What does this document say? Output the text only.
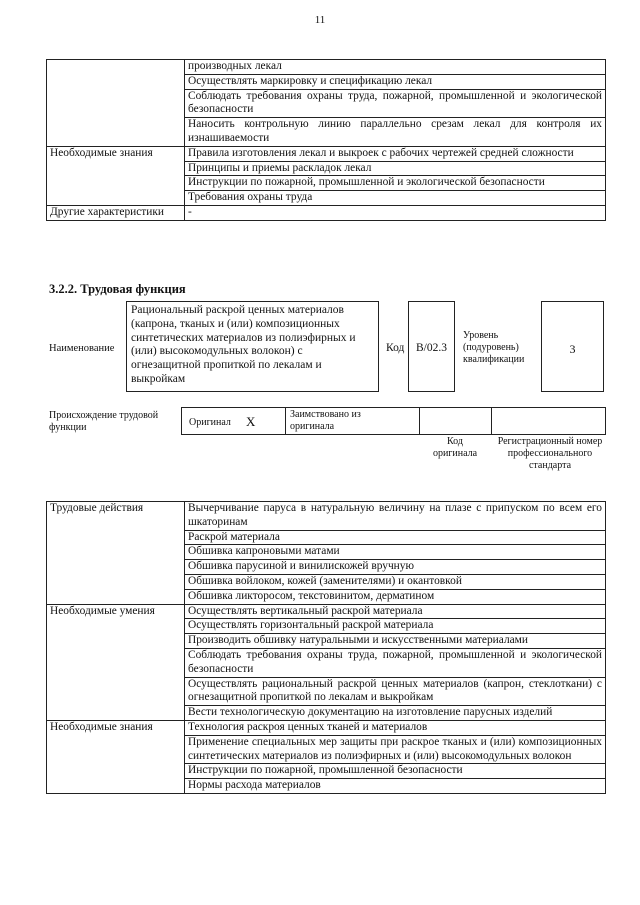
11
	производных лекал
	Осуществлять маркировку и спецификацию лекал
	Соблюдать требования охраны труда, пожарной, промышленной и экологической безопасности
	Наносить контрольную линию параллельно срезам лекал для контроля их изнашиваемости
Необходимые знания	Правила изготовления лекал и выкроек с рабочих чертежей средней сложности
	Принципы и приемы раскладок лекал
	Инструкции по пожарной, промышленной и экологической безопасности
	Требования охраны труда
Другие характеристики	-
3.2.2. Трудовая функция
Наименование
Рациональный раскрой ценных материалов (капрона, тканых и (или) композиционных синтетических материалов из полиэфирных и (или) высокомодульных волокон) с огнезащитной пропиткой по лекалам и выкройкам
Код	B/02.3
Уровень (подуровень) квалификации
3
Происхождение трудовой функции	Оригинал X	Заимствовано из оригинала
Код оригинала
Регистрационный номер профессионального стандарта
Трудовые действия	Вычерчивание паруса в натуральную величину на плазе с припуском по всем его шкаторинам
	Раскрой материала
	Обшивка капроновыми матами
	Обшивка парусиной и винилискожей вручную
	Обшивка войлоком, кожей (заменителями) и окантовкой
	Обшивка ликторосом, текстовинитом, дерматином
Необходимые умения	Осуществлять вертикальный раскрой материала
	Осуществлять горизонтальный раскрой материала
	Производить обшивку натуральными и искусственными материалами
	Соблюдать требования охраны труда, пожарной, промышленной и экологической безопасности
	Осуществлять рациональный раскрой ценных материалов (капрон, стеклоткани) с огнезащитной пропиткой по лекалам и выкройкам
	Вести технологическую документацию на изготовление парусных изделий
Необходимые знания	Технология раскроя ценных тканей и материалов
	Применение специальных мер защиты при раскрое тканых и (или) композиционных синтетических материалов из полиэфирных и (или) высокомодульных волокон
	Инструкции по пожарной, промышленной безопасности
	Нормы расхода материалов
